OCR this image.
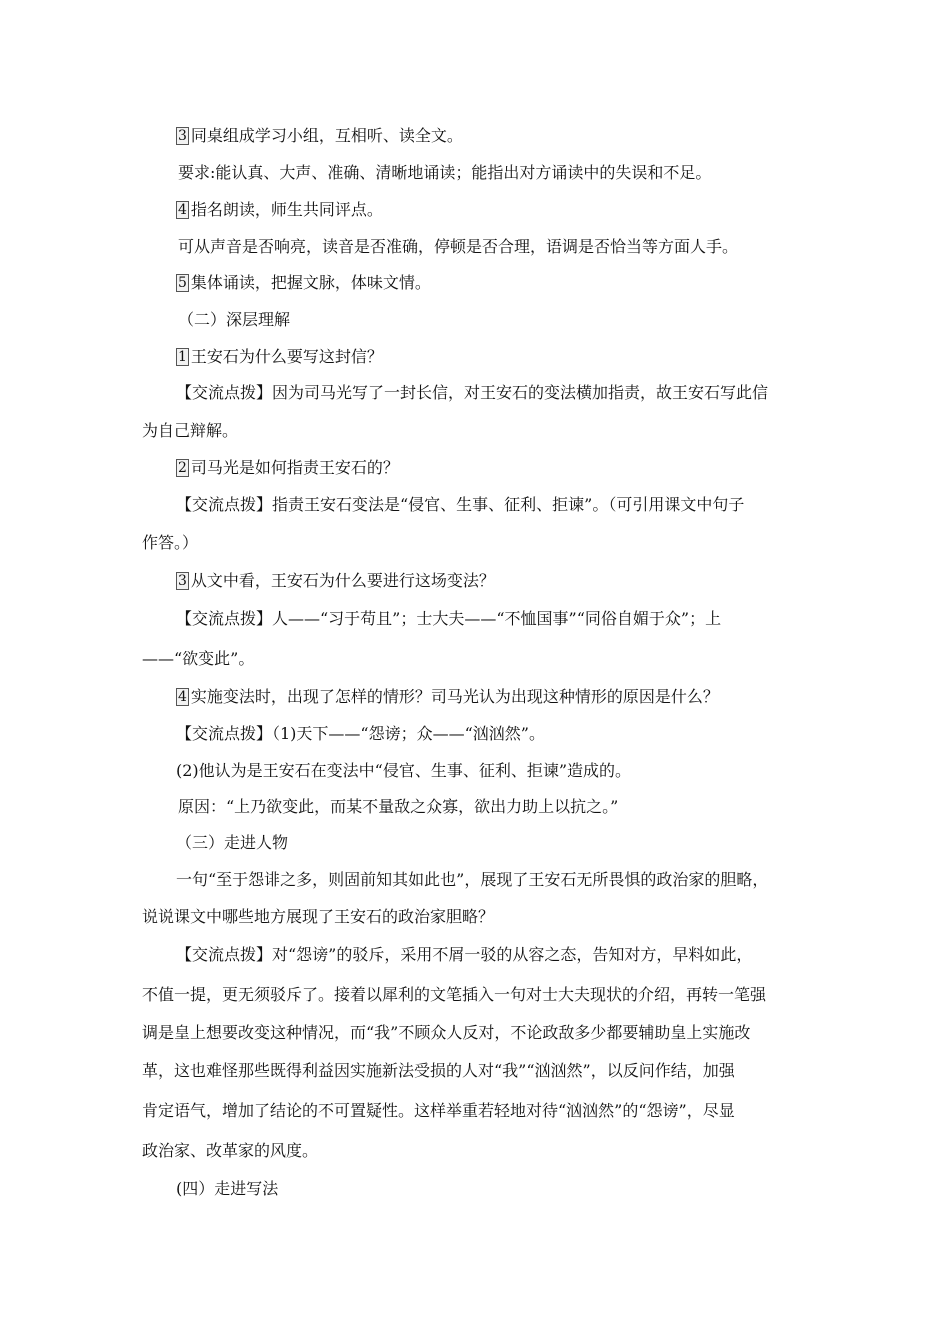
3 同桌组成学习小组，互相听、读全文。
要求:能认真、大声、准确、清晰地诵读；能指出对方诵读中的失误和不足。
4 指名朗读，师生共同评点。
可从声音是否响亮，读音是否准确，停顿是否合理，语调是否恰当等方面人手。
5 集体诵读，把握文脉，体味文情。
（二）深层理解
1 王安石为什么要写这封信？
【交流点拨】因为司马光写了一封长信，对王安石的变法横加指责，故王安石写此信
为自己辩解。
2 司马光是如何指责王安石的？
【交流点拨】指责王安石变法是“侵官、生事、征利、拒谏”。（可引用课文中句子
作答。）
3 从文中看，王安石为什么要进行这场变法？
【交流点拨】人——“习于苟且”；士大夫——“不恤国事”“同俗自媚于众”；上
——“欲变此”。
4 实施变法时，出现了怎样的情形？司马光认为出现这种情形的原因是什么？
【交流点拨】（1)天下——“怨谤；众——“汹汹然”。
(2)他认为是王安石在变法中“侵官、生事、征利、拒谏”造成的。
原因：“上乃欲变此，而某不量敌之众寡，欲出力助上以抗之。”
（三）走进人物
一句“至于怨诽之多，则固前知其如此也”，展现了王安石无所畏惧的政治家的胆略，
说说课文中哪些地方展现了王安石的政治家胆略？
【交流点拨】对“怨谤”的驳斥，采用不屑一驳的从容之态，告知对方，早料如此，
不值一提，更无须驳斥了。接着以犀利的文笔插入一句对士大夫现状的介绍，再转一笔强
调是皇上想要改变这种情况，而“我”不顾众人反对，不论政敌多少都要辅助皇上实施改
革，这也难怪那些既得利益因实施新法受损的人对“我”“汹汹然”，以反问作结，加强
肯定语气，增加了结论的不可置疑性。这样举重若轻地对待“汹汹然”的“怨谤”，尽显
政治家、改革家的风度。
(四）走进写法
